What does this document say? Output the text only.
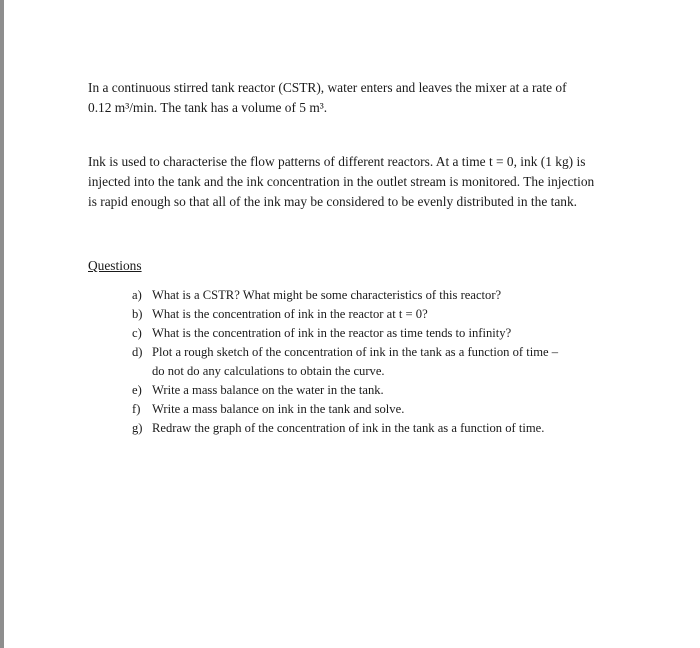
In a continuous stirred tank reactor (CSTR), water enters and leaves the mixer at a rate of
0.12 m³/min. The tank has a volume of 5 m³.

Ink is used to characterise the flow patterns of different reactors. At a time t = 0, ink (1 kg) is
injected into the tank and the ink concentration in the outlet stream is monitored. The injection
is rapid enough so that all of the ink may be considered to be evenly distributed in the tank.

Questions

a) What is a CSTR? What might be some characteristics of this reactor?
b) What is the concentration of ink in the reactor at t = 0?
c) What is the concentration of ink in the reactor as time tends to infinity?
d) Plot a rough sketch of the concentration of ink in the tank as a function of time –
do not do any calculations to obtain the curve.
e) Write a mass balance on the water in the tank.
f) Write a mass balance on ink in the tank and solve.
g) Redraw the graph of the concentration of ink in the tank as a function of time.
